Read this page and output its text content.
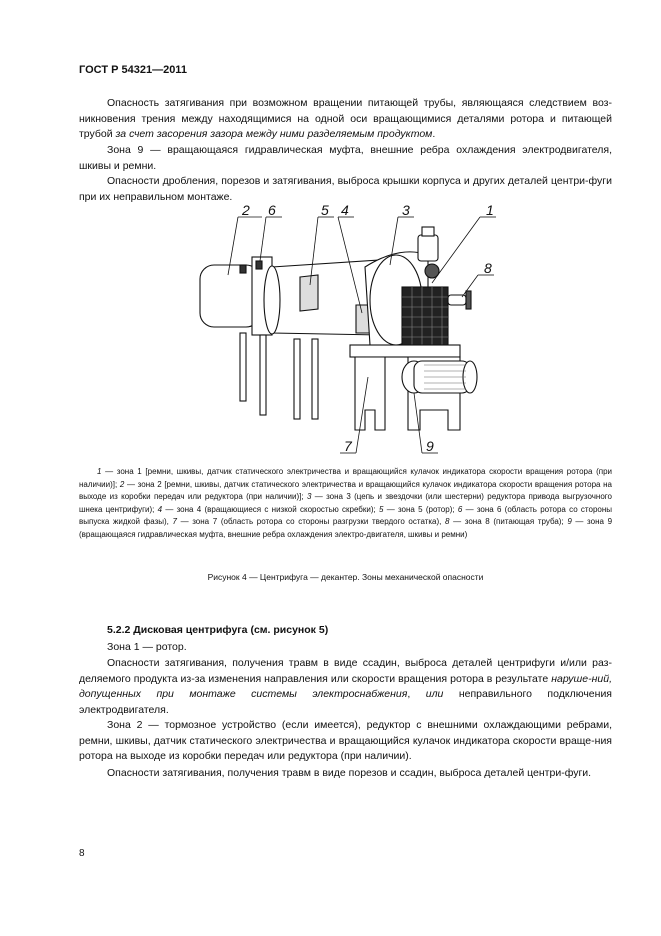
ГОСТ Р 54321—2011
Опасность затягивания при возможном вращении питающей трубы, являющаяся следствием воз-никновения трения между находящимися на одной оси вращающимися деталями ротора и питающей трубой за счет засорения зазора между ними разделяемым продуктом.
Зона 9 — вращающаяся гидравлическая муфта, внешние ребра охлаждения электродвигателя, шкивы и ремни.
Опасности дробления, порезов и затягивания, выброса крышки корпуса и других деталей центри-фуги при их неправильном монтаже.
2 6	5 4	3	1
8
7	9
1 — зона 1 [ремни, шкивы, датчик статического электричества и вращающийся кулачок индикатора скорости вращения ротора (при наличии)]; 2 — зона 2 [ремни, шкивы, датчик статического электричества и вращающийся кулачок индикатора скорости вращения ротора на выходе из коробки передач или редуктора (при наличии)]; 3 — зона 3 (цепь и звездочки (или шестерни) редуктора привода выгрузочного шнека центрифуги); 4 — зона 4 (вращающиеся с низкой скоростью скребки); 5 — зона 5 (ротор); 6 — зона 6 (область ротора со стороны выпуска жидкой фазы), 7 — зона 7 (область ротора со стороны разгрузки твердого остатка), 8 — зона 8 (питающая труба); 9 — зона 9 (вращающаяся гидравлическая муфта, внешние ребра охлаждения электро-двигателя, шкивы и ремни)
Рисунок 4 — Центрифуга — декантер. Зоны механической опасности
5.2.2 Дисковая центрифуга (см. рисунок 5)
Зона 1 — ротор.
Опасности затягивания, получения травм в виде ссадин, выброса деталей центрифуги и/или раз-деляемого продукта из-за изменения направления или скорости вращения ротора в результате наруше-ний, допущенных при монтаже системы электроснабжения, или неправильного подключения электродвигателя.
Зона 2 — тормозное устройство (если имеется), редуктор с внешними охлаждающими ребрами, ремни, шкивы, датчик статического электричества и вращающийся кулачок индикатора скорости враще-ния ротора на выходе из коробки передач или редуктора (при наличии).
Опасности затягивания, получения травм в виде порезов и ссадин, выброса деталей центри-фуги.
8
